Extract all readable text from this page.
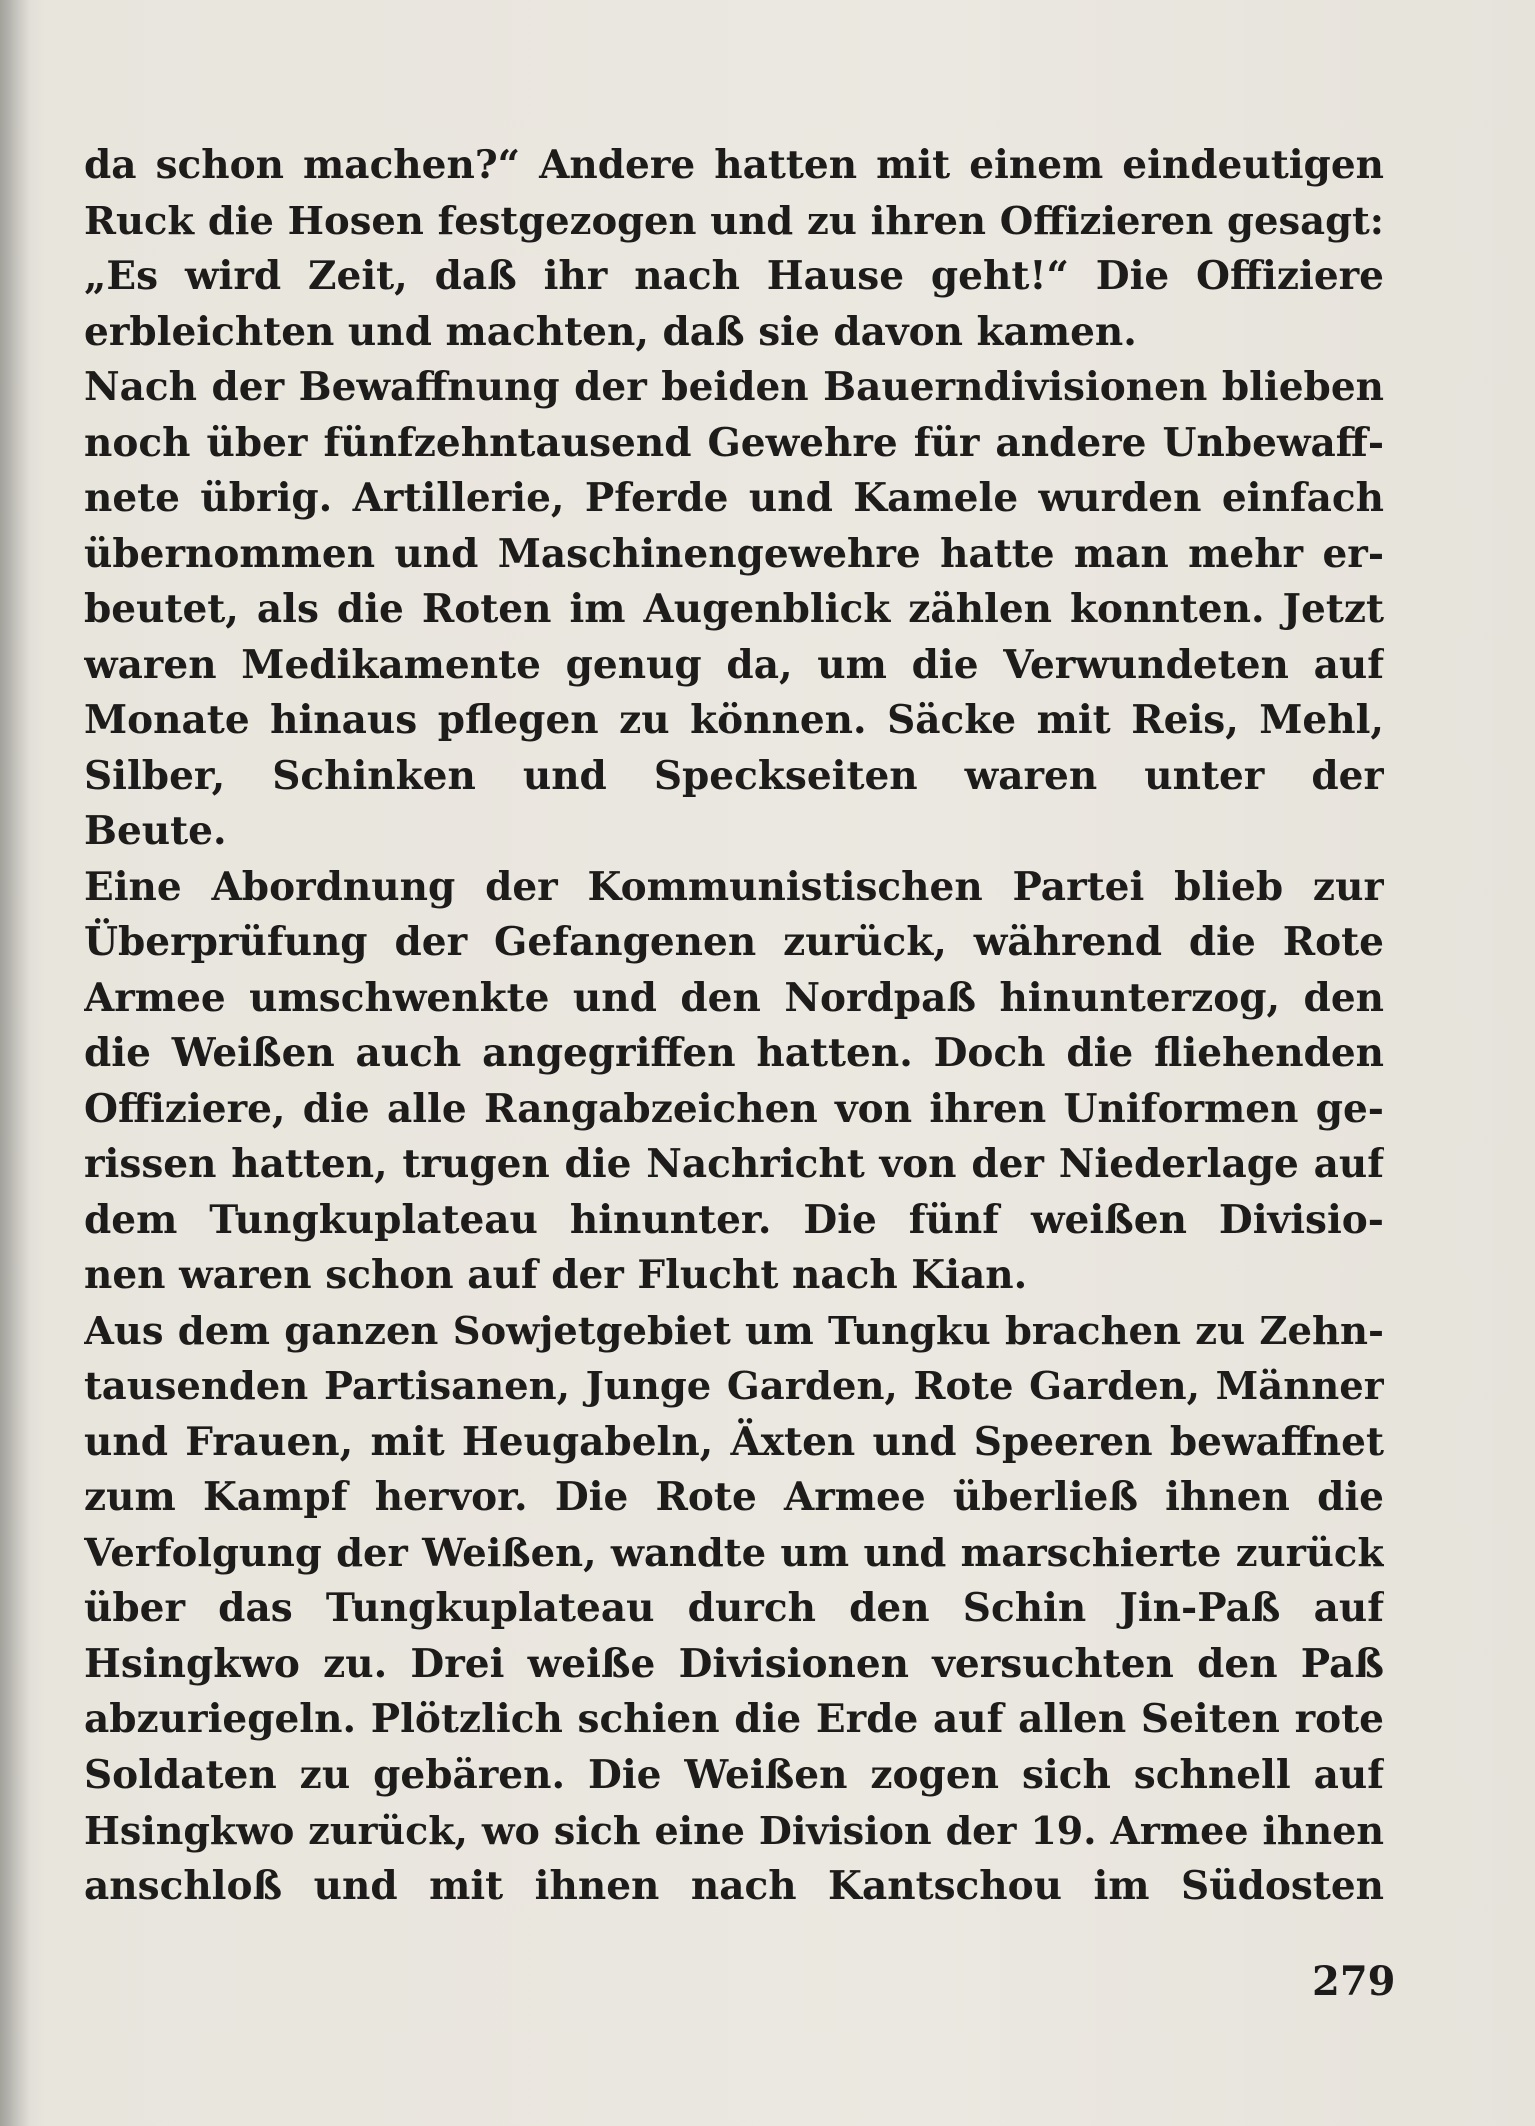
da schon machen?“ Andere hatten mit einem eindeutigen
Ruck die Hosen festgezogen und zu ihren Offizieren gesagt:
„Es wird Zeit, daß ihr nach Hause geht!“ Die Offiziere
erbleichten und machten, daß sie davon kamen.
Nach der Bewaffnung der beiden Bauerndivisionen blieben
noch über fünfzehntausend Gewehre für andere Unbewaff-
nete übrig. Artillerie, Pferde und Kamele wurden einfach
übernommen und Maschinengewehre hatte man mehr er-
beutet, als die Roten im Augenblick zählen konnten. Jetzt
waren Medikamente genug da, um die Verwundeten auf
Monate hinaus pflegen zu können. Säcke mit Reis, Mehl,
Silber, Schinken und Speckseiten waren unter der
Beute.
Eine Abordnung der Kommunistischen Partei blieb zur
Überprüfung der Gefangenen zurück, während die Rote
Armee umschwenkte und den Nordpaß hinunterzog, den
die Weißen auch angegriffen hatten. Doch die fliehenden
Offiziere, die alle Rangabzeichen von ihren Uniformen ge-
rissen hatten, trugen die Nachricht von der Niederlage auf
dem Tungkuplateau hinunter. Die fünf weißen Divisio-
nen waren schon auf der Flucht nach Kian.
Aus dem ganzen Sowjetgebiet um Tungku brachen zu Zehn-
tausenden Partisanen, Junge Garden, Rote Garden, Männer
und Frauen, mit Heugabeln, Äxten und Speeren bewaffnet
zum Kampf hervor. Die Rote Armee überließ ihnen die
Verfolgung der Weißen, wandte um und marschierte zurück
über das Tungkuplateau durch den Schin Jin-Paß auf
Hsingkwo zu. Drei weiße Divisionen versuchten den Paß
abzuriegeln. Plötzlich schien die Erde auf allen Seiten rote
Soldaten zu gebären. Die Weißen zogen sich schnell auf
Hsingkwo zurück, wo sich eine Division der 19. Armee ihnen
anschloß und mit ihnen nach Kantschou im Südosten
279
